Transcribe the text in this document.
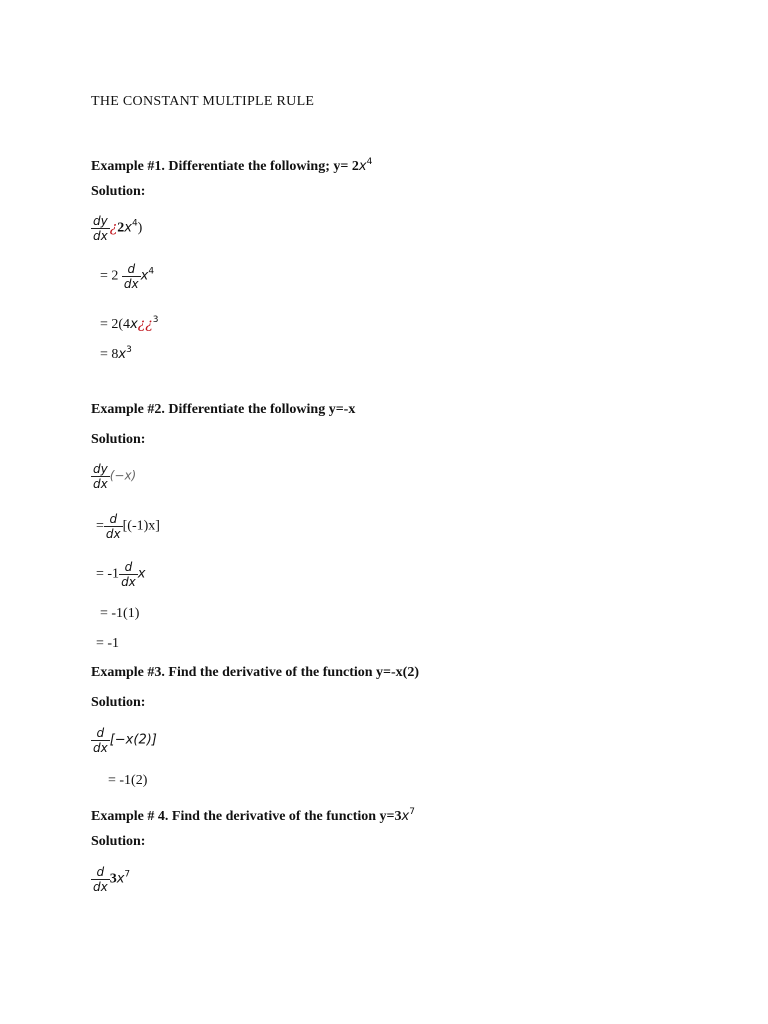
THE CONSTANT MULTIPLE RULE
Example #1. Differentiate the following; $y= 2x^4$
Solution:
$\frac{dy}{dx}$ ¿$2x^4$)
= $2 \frac{d}{dx} x^4$
= 2(4x¿¿$^3$
= $8x^3$
Example #2. Differentiate the following y=-x
Solution:
$\frac{dy}{dx} (-x)$
= $\frac{d}{dx} [(-1)x]$
= $-1 \frac{d}{dx}$ x
= -1(1)
= -1
Example #3. Find the derivative of the function y=-x(2)
Solution:
$\frac{d}{dx} [-x(2)]$
= -1(2)
Example # 4. Find the derivative of the function $y=3x^7$
Solution:
$\frac{d}{dx} 3x^7$
